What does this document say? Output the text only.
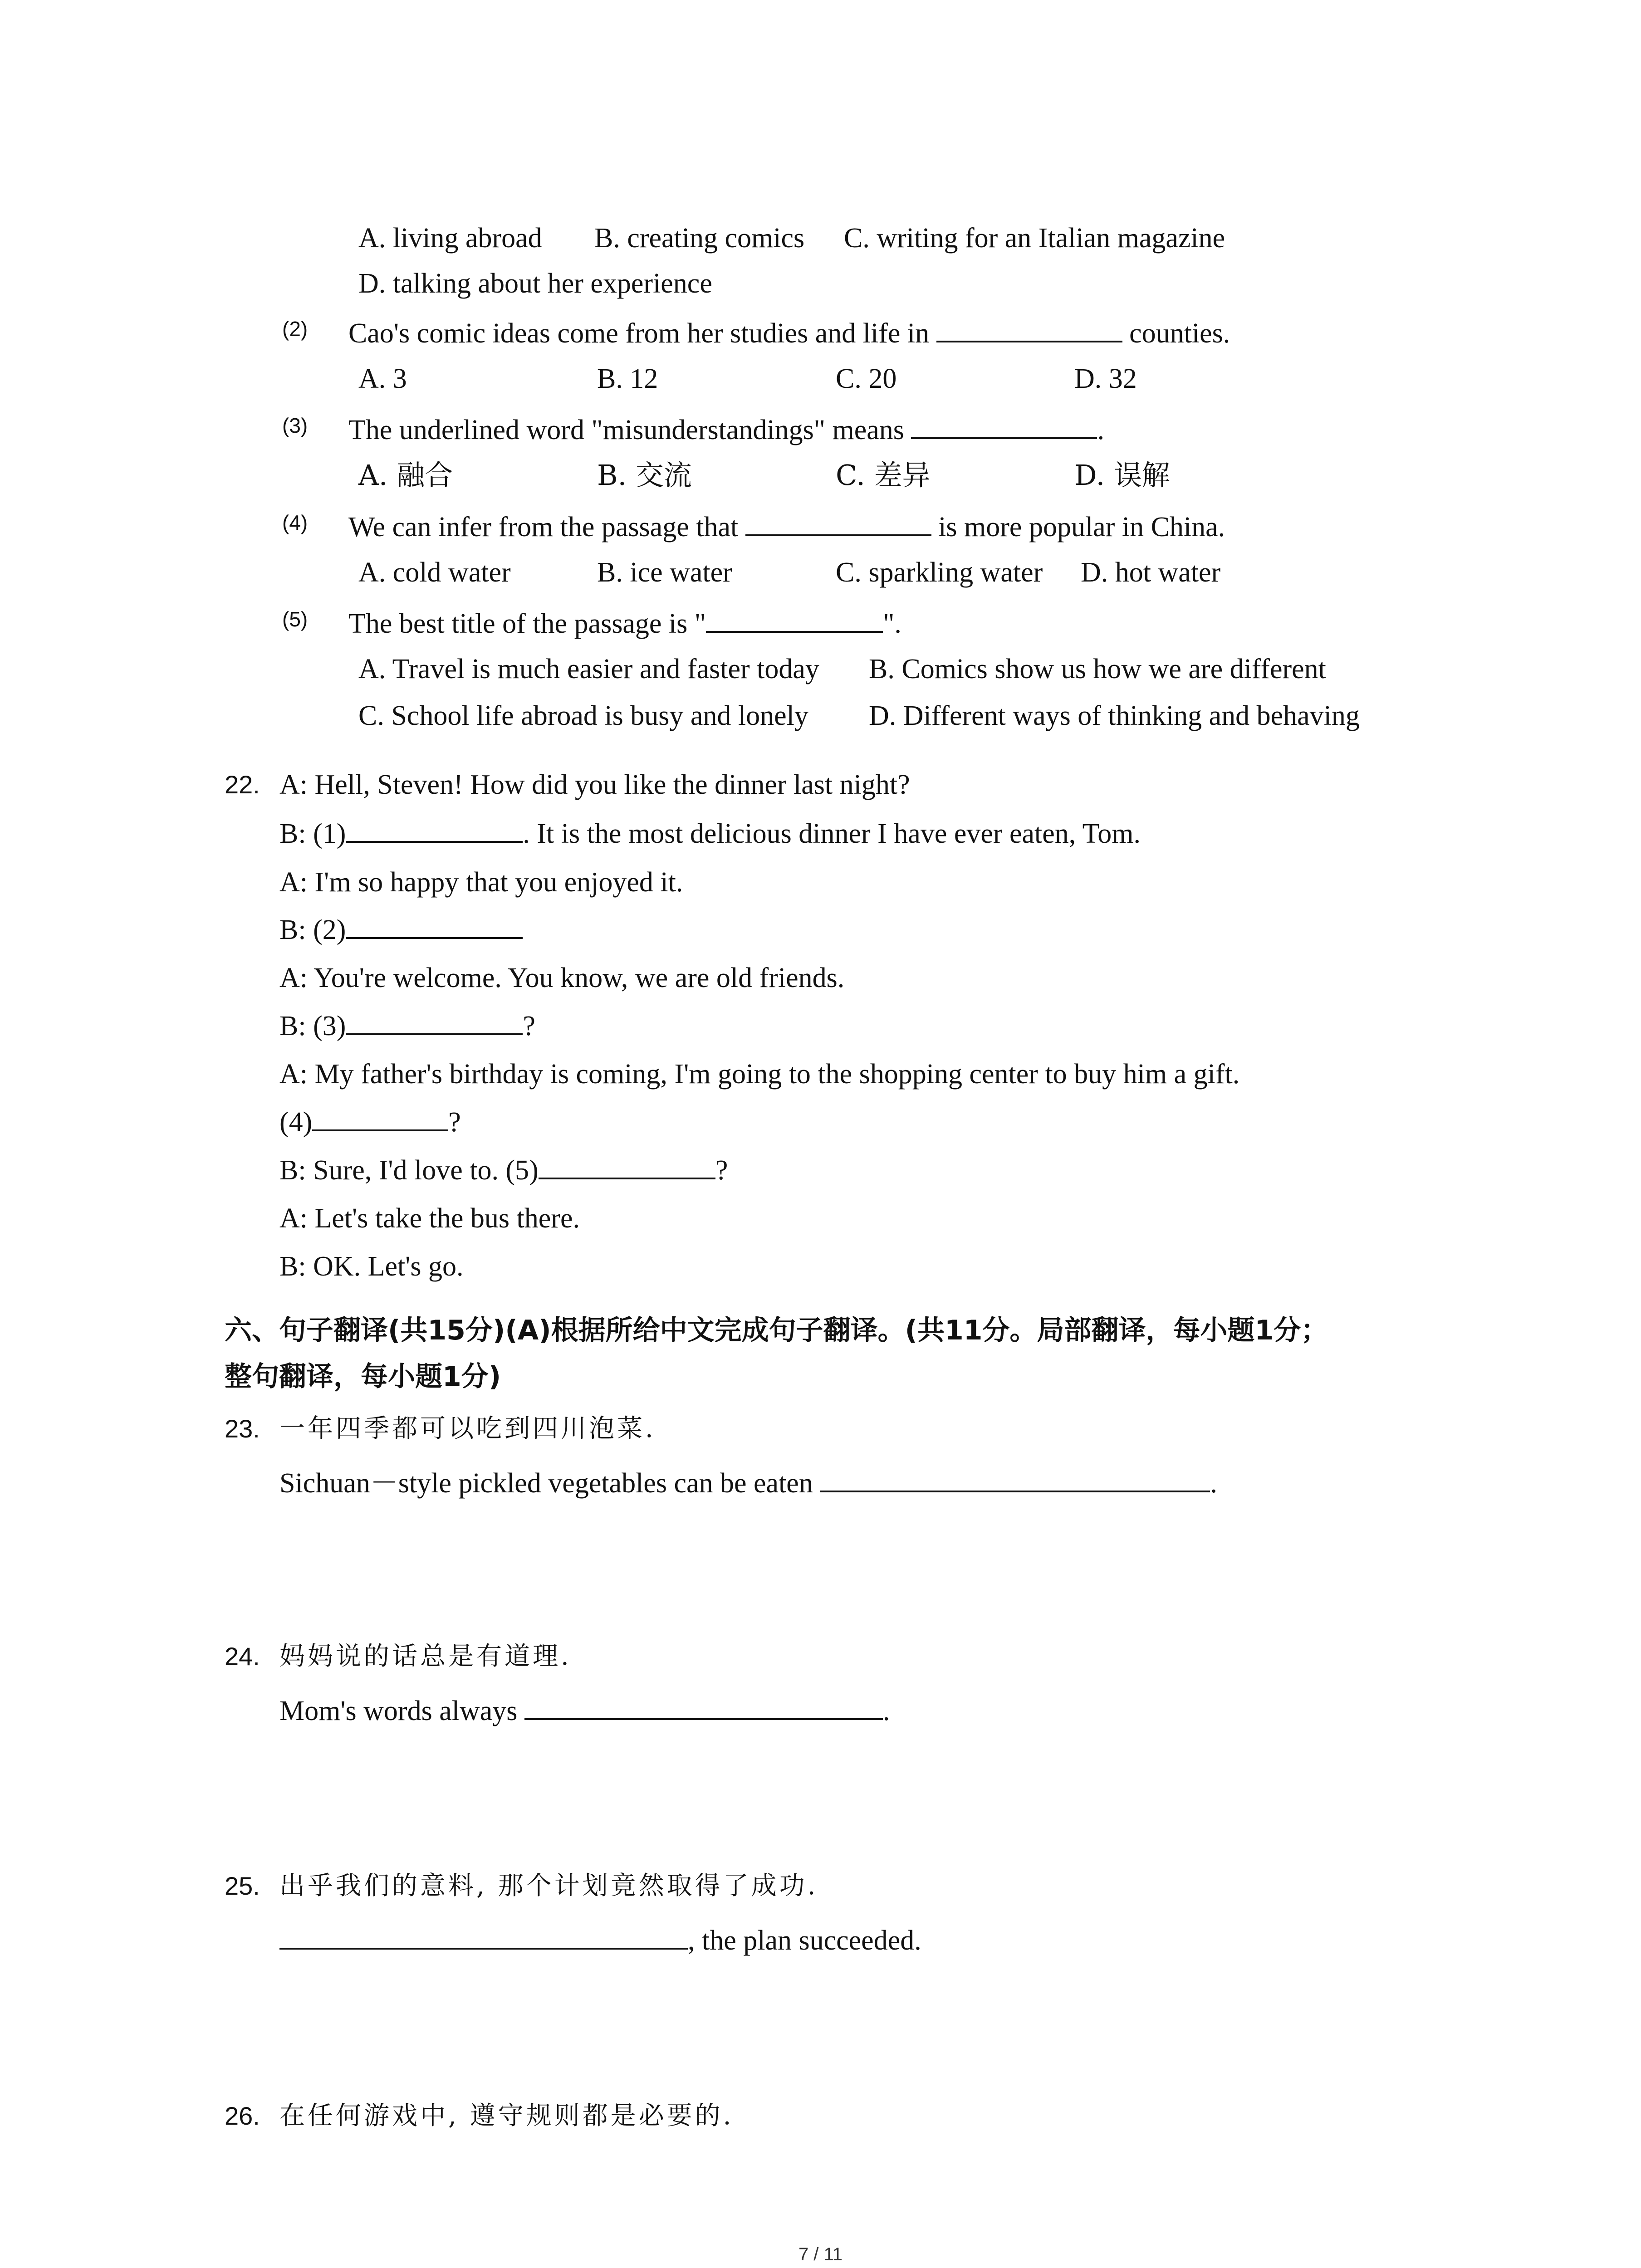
A. living abroad B. creating comics C. writing for an Italian magazine
D. talking about her experience
(2) Cao's comic ideas come from her studies and life in	counties.
A. 3	B. 12	C. 20	D. 32
(3) The underlined word "misunderstandings" means	.
A. 融合	B. 交流	C. 差异	D. 误解
(4) We can infer from the passage that	is more popular in China.
A. cold water	B. ice water	C. sparkling water D. hot water
(5) The best title of the passage is "	".
A. Travel is much easier and faster today B. Comics show us how we are different
C. School life abroad is busy and lonely D. Different ways of thinking and behaving
22. A: Hell, Steven! How did you like the dinner last night?
B: (1)	. It is the most delicious dinner I have ever eaten, Tom.
A: I'm so happy that you enjoyed it.
B: (2)
A: You're welcome. You know, we are old friends.
B: (3)	?
A: My father's birthday is coming, I'm going to the shopping center to buy him a gift.
(4)	?
B: Sure, I'd love to. (5)	?
A: Let's take the bus there.
B: OK. Let's go.
六、句子翻译(共15分)(A)根据所给中文完成句子翻译。(共11分。局部翻译，每小题1分；
整句翻译，每小题1分)
23. 一年四季都可以吃到四川泡菜.
Sichuan－style pickled vegetables can be eaten	.
24. 妈妈说的话总是有道理.
Mom's words always	.
25. 出乎我们的意料, 那个计划竟然取得了成功.
, the plan succeeded.
26. 在任何游戏中, 遵守规则都是必要的.
7 / 11
